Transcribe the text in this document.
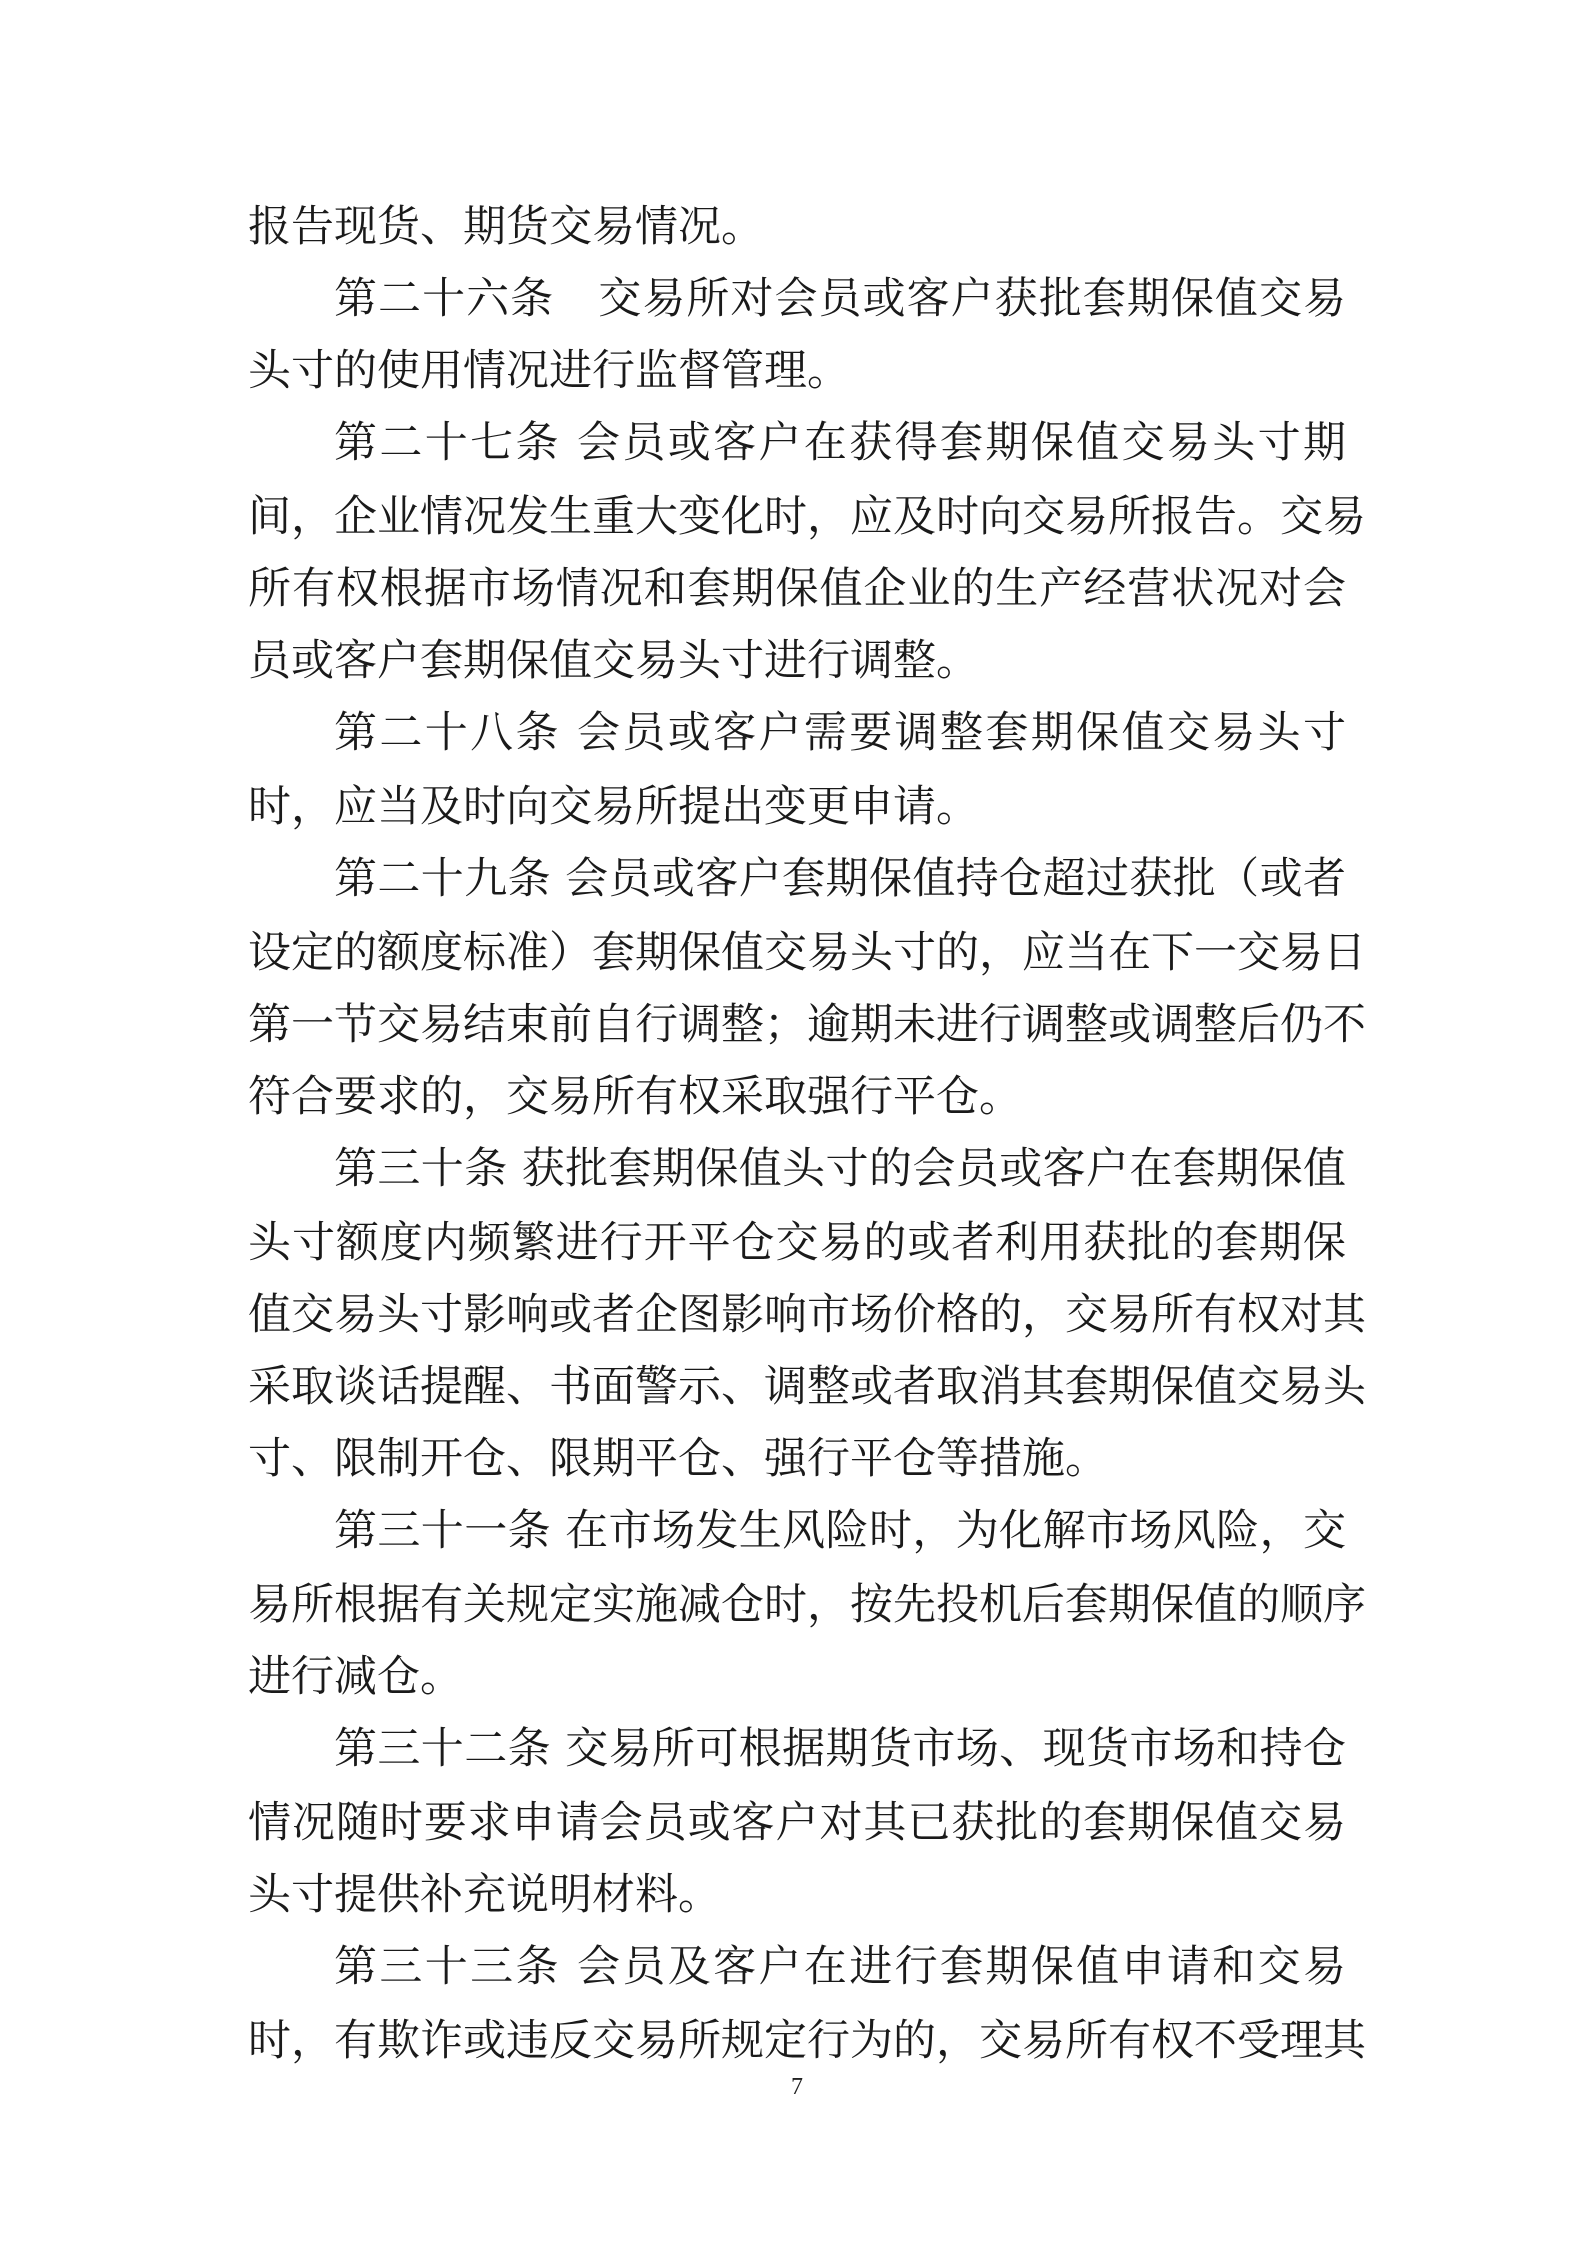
报告现货、期货交易情况。
第二十六条　交易所对会员或客户获批套期保值交易
头寸的使用情况进行监督管理。
第二十七条 会员或客户在获得套期保值交易头寸期
间，企业情况发生重大变化时，应及时向交易所报告。交易
所有权根据市场情况和套期保值企业的生产经营状况对会
员或客户套期保值交易头寸进行调整。
第二十八条 会员或客户需要调整套期保值交易头寸
时，应当及时向交易所提出变更申请。
第二十九条 会员或客户套期保值持仓超过获批（或者
设定的额度标准）套期保值交易头寸的，应当在下一交易日
第一节交易结束前自行调整；逾期未进行调整或调整后仍不
符合要求的，交易所有权采取强行平仓。
第三十条 获批套期保值头寸的会员或客户在套期保值
头寸额度内频繁进行开平仓交易的或者利用获批的套期保
值交易头寸影响或者企图影响市场价格的，交易所有权对其
采取谈话提醒、书面警示、调整或者取消其套期保值交易头
寸、限制开仓、限期平仓、强行平仓等措施。
第三十一条 在市场发生风险时，为化解市场风险，交
易所根据有关规定实施减仓时，按先投机后套期保值的顺序
进行减仓。
第三十二条 交易所可根据期货市场、现货市场和持仓
情况随时要求申请会员或客户对其已获批的套期保值交易
头寸提供补充说明材料。
第三十三条 会员及客户在进行套期保值申请和交易
时，有欺诈或违反交易所规定行为的，交易所有权不受理其
7
